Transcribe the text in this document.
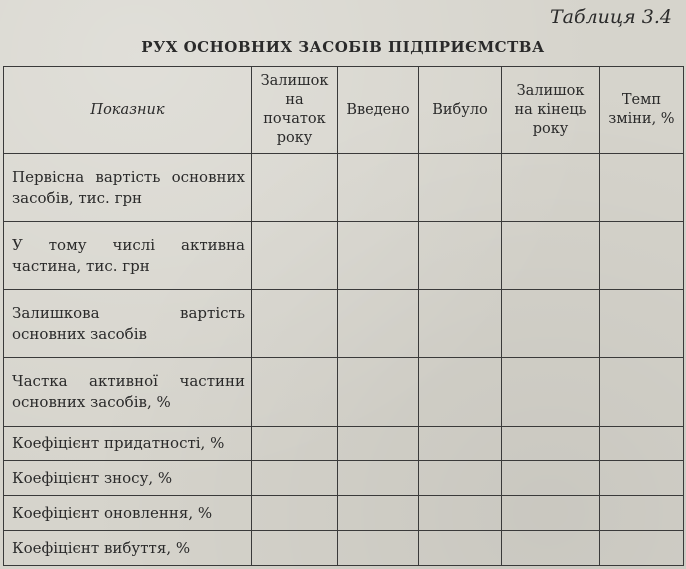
Таблиця 3.4
РУХ ОСНОВНИХ ЗАСОБІВ ПІДПРИЄМСТВА
Показник	Залишок на початок року	Введено	Вибуло	Залишок на кінець року	Темп зміни, %
Первісна вартість основних засобів, тис. грн					
У тому числі активна частина, тис. грн					
Залишкова вартість основних засобів					
Частка активної частини основних засобів, %					
Коефіцієнт придатності, %					
Коефіцієнт зносу, %					
Коефіцієнт оновлення, %					
Коефіцієнт вибуття, %					
